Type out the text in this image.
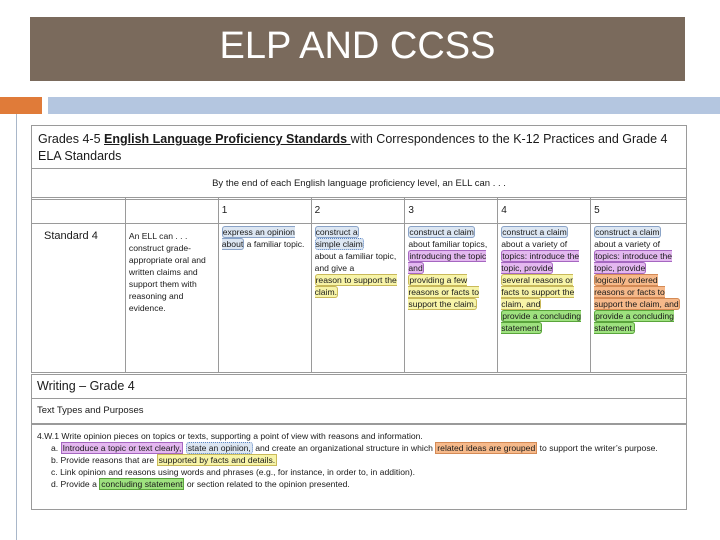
ELP AND CCSS
Grades 4-5 English Language Proficiency Standards with Correspondences to the K-12 Practices and Grade 4 ELA Standards
By the end of each English language proficiency level, an ELL can . . .
		1	2	3	4	5
Standard 4	An ELL can . . . construct grade-appropriate oral and written claims and support them with reasoning and evidence.	express an opinion about a familiar topic.	construct a
simple claim
about a familiar topic, and give a
reason to support the claim.	construct a claim
about familiar topics,
introducing the topic and
providing a few reasons or facts to support the claim.	construct a claim
about a variety of
topics: introduce the topic, provide
several reasons or facts to support the claim, and
provide a concluding statement.	construct a claim
about a variety of
topics: introduce the topic, provide
logically ordered reasons or facts to support the claim, and
provide a concluding statement.
Writing – Grade 4
Text Types and Purposes
4.W.1 Write opinion pieces on topics or texts, supporting a point of view with reasons and information.
a. Introduce a topic or text clearly, state an opinion, and create an organizational structure in which related ideas are grouped to support the writer’s purpose.
b. Provide reasons that are supported by facts and details.
c. Link opinion and reasons using words and phrases (e.g., for instance, in order to, in addition).
d. Provide a concluding statement or section related to the opinion presented.
